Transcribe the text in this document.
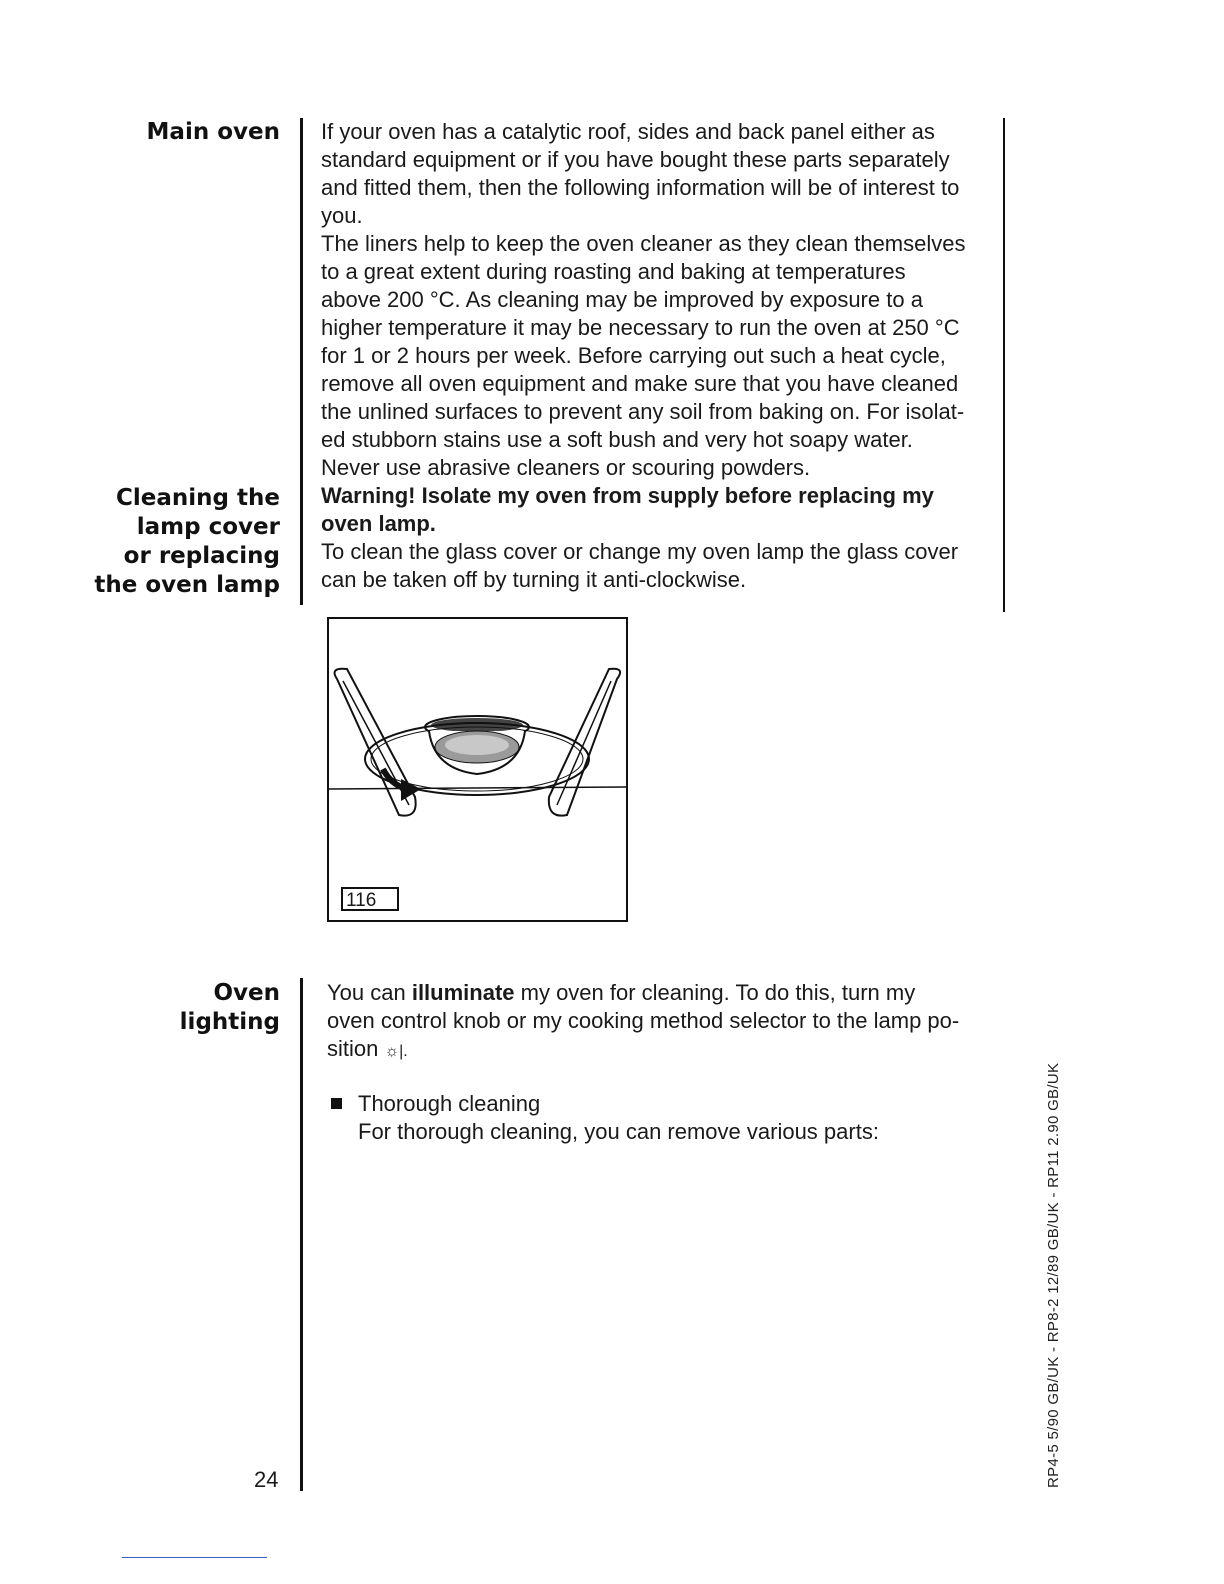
Main oven
Cleaning the
lamp cover
or replacing
the oven lamp
Oven
lighting

If your oven has a catalytic roof, sides and back panel either as

standard equipment or if you have bought these parts separately

and fitted them, then the following information will be of interest to

you.

The liners help to keep the oven cleaner as they clean themselves

to a great extent during roasting and baking at temperatures

above 200 °C. As cleaning may be improved by exposure to a

higher temperature it may be necessary to run the oven at 250 °C

for 1 or 2 hours per week. Before carrying out such a heat cycle,

remove all oven equipment and make sure that you have cleaned

the unlined surfaces to prevent any soil from baking on. For isolat-

ed stubborn stains use a soft bush and very hot soapy water.

Never use abrasive cleaners or scouring powders.

Warning! Isolate my oven from supply before replacing my

oven lamp.

To clean the glass cover or change my oven lamp the glass cover

can be taken off by turning it anti-clockwise.

116

You can illuminate my oven for cleaning. To do this, turn my

oven control knob or my cooking method selector to the lamp po-

sition ☼|.

Thorough cleaning
For thorough cleaning, you can remove various parts:
24	RP4-5 5/90 GB/UK - RP8-2 12/89 GB/UK - RP11 2.90 GB/UK
